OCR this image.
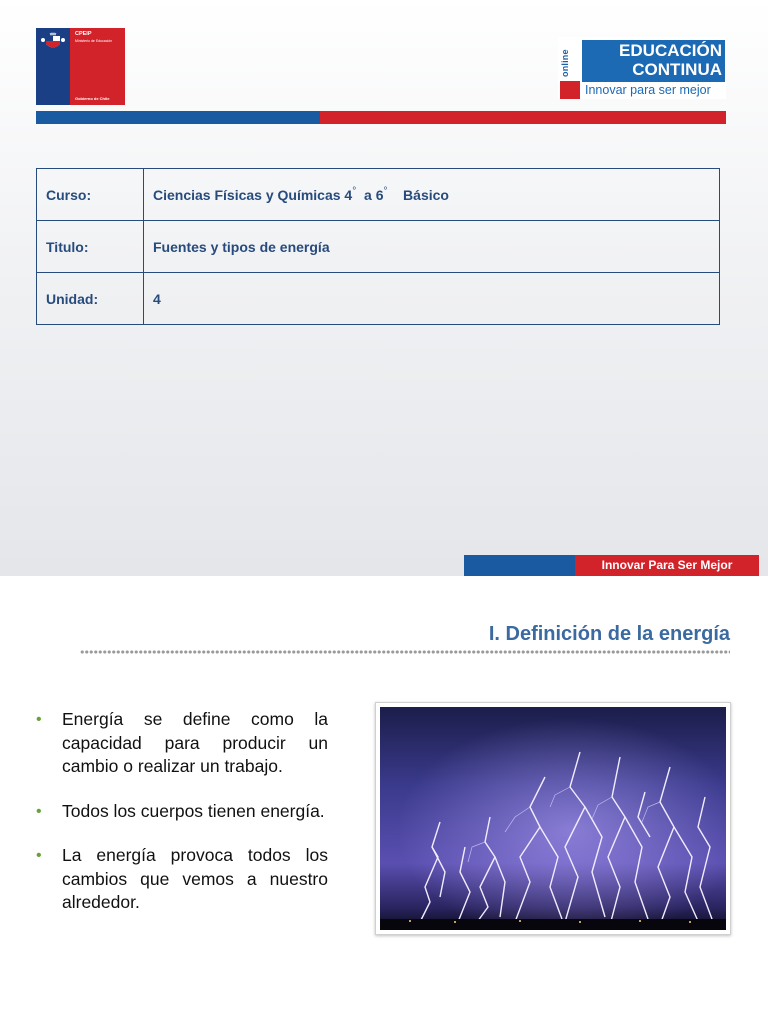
CPEIP
Ministerio de Educación
Gobierno de Chile
online	EDUCACIÓN
CONTINUA
Innovar para ser mejor
Curso:	Ciencias Físicas y Químicas 4° a 6° Básico
Titulo:	Fuentes y tipos de energía
Unidad:	4
Innovar Para Ser Mejor
I. Definición de la energía
• Energía se define como la capacidad para producir un cambio o realizar un trabajo.
• Todos los cuerpos tienen energía.
• La energía provoca todos los cambios que vemos a nuestro alrededor.
